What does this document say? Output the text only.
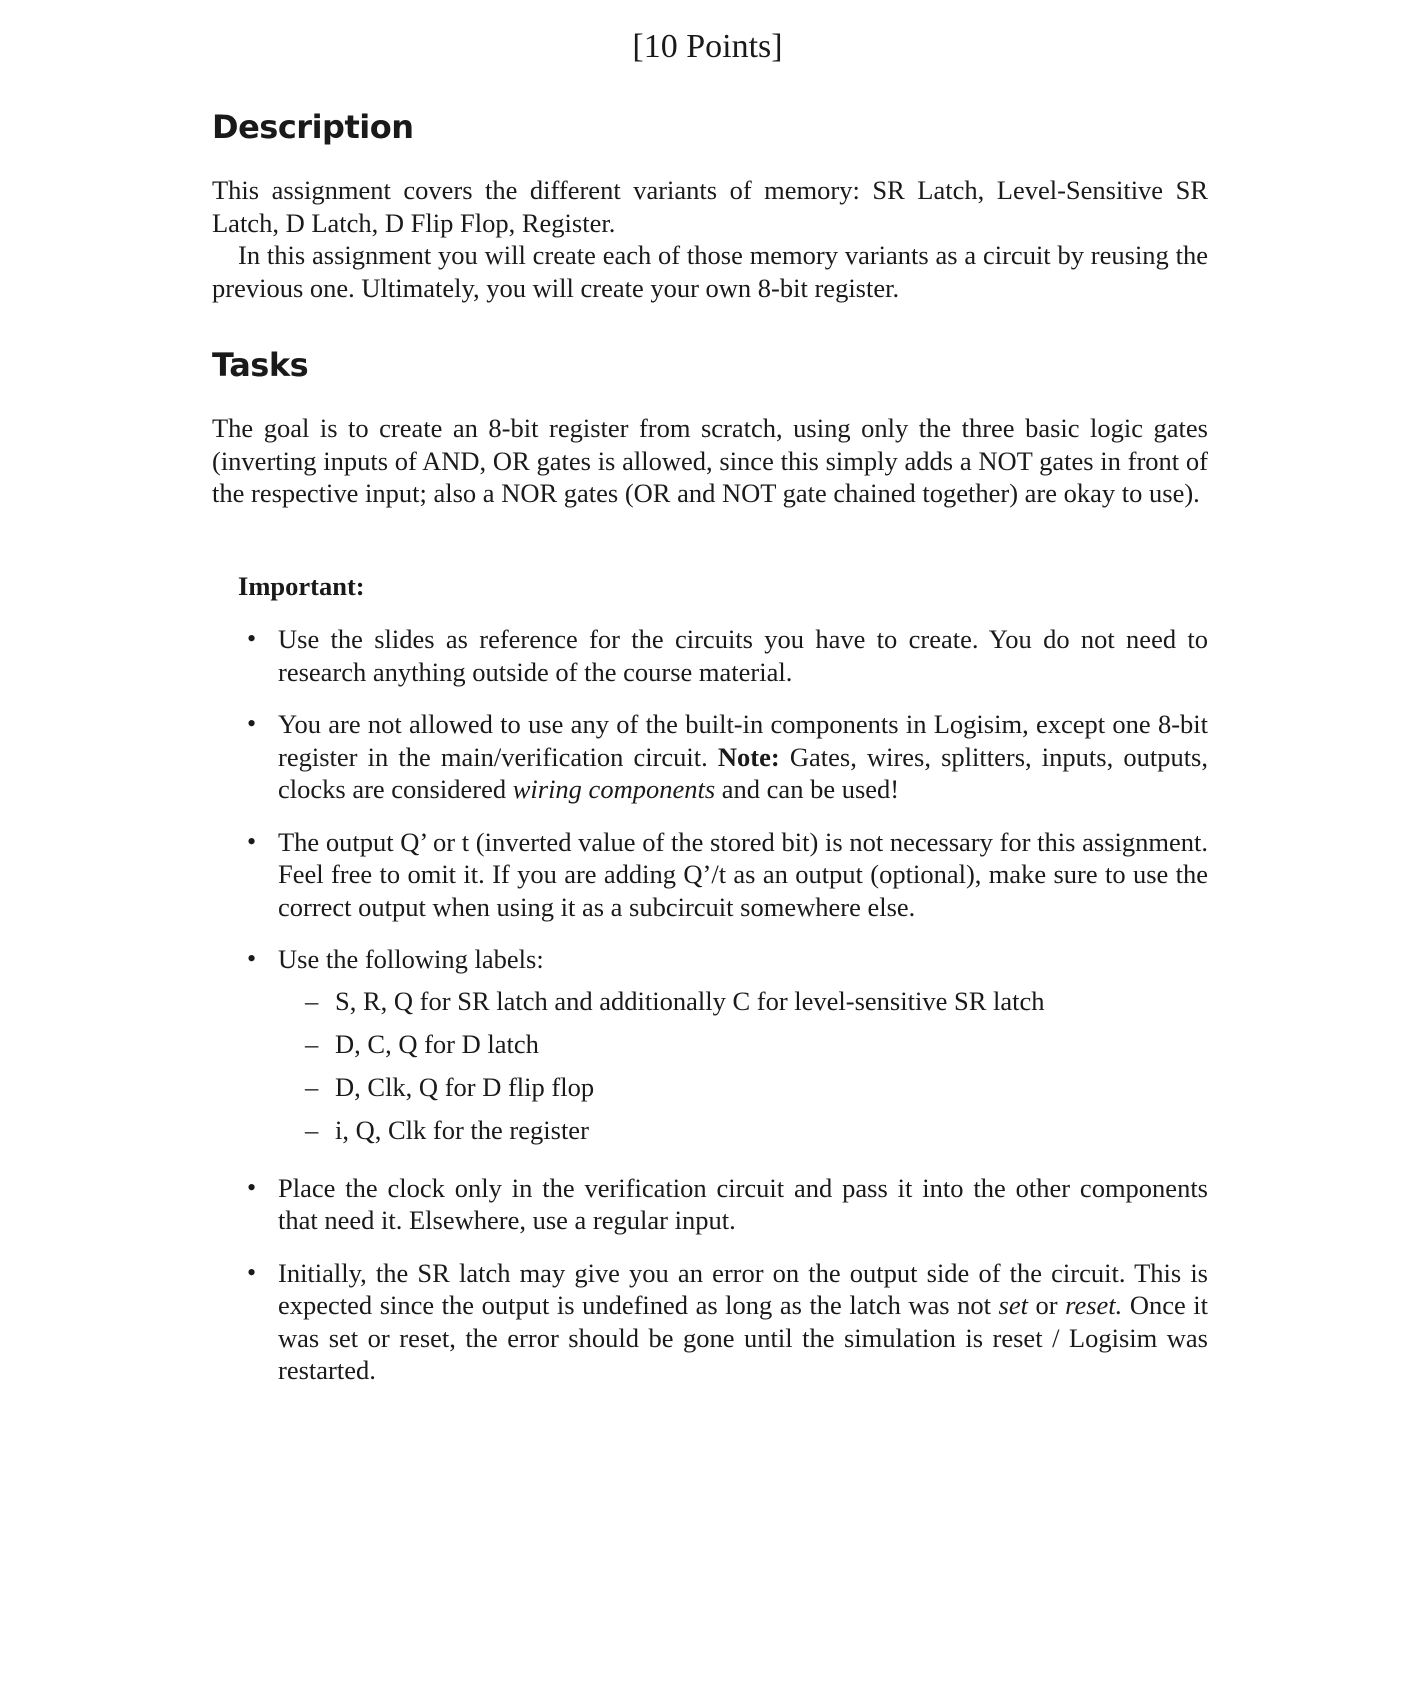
[10 Points]
Description

This assignment covers the different variants of memory: SR Latch, Level-Sensitive SR Latch, D Latch, D Flip Flop, Register.

In this assignment you will create each of those memory variants as a circuit by reusing the previous one. Ultimately, you will create your own 8-bit register.

Tasks

The goal is to create an 8-bit register from scratch, using only the three basic logic gates (inverting inputs of AND, OR gates is allowed, since this simply adds a NOT gates in front of the respective input; also a NOR gates (OR and NOT gate chained together) are okay to use).

Important:
• Use the slides as reference for the circuits you have to create. You do not need to research anything outside of the course material.
• You are not allowed to use any of the built-in components in Logisim, except one 8-bit register in the main/verification circuit. Note: Gates, wires, splitters, inputs, outputs, clocks are considered wiring components and can be used!
• The output Q’ or t (inverted value of the stored bit) is not necessary for this assignment. Feel free to omit it. If you are adding Q’/t as an output (optional), make sure to use the correct output when using it as a subcircuit somewhere else.
• Use the following labels:
– S, R, Q for SR latch and additionally C for level-sensitive SR latch
– D, C, Q for D latch
– D, Clk, Q for D flip flop
– i, Q, Clk for the register
• Place the clock only in the verification circuit and pass it into the other components that need it. Elsewhere, use a regular input.
• Initially, the SR latch may give you an error on the output side of the circuit. This is expected since the output is undefined as long as the latch was not set or reset. Once it was set or reset, the error should be gone until the simulation is reset / Logisim was restarted.
